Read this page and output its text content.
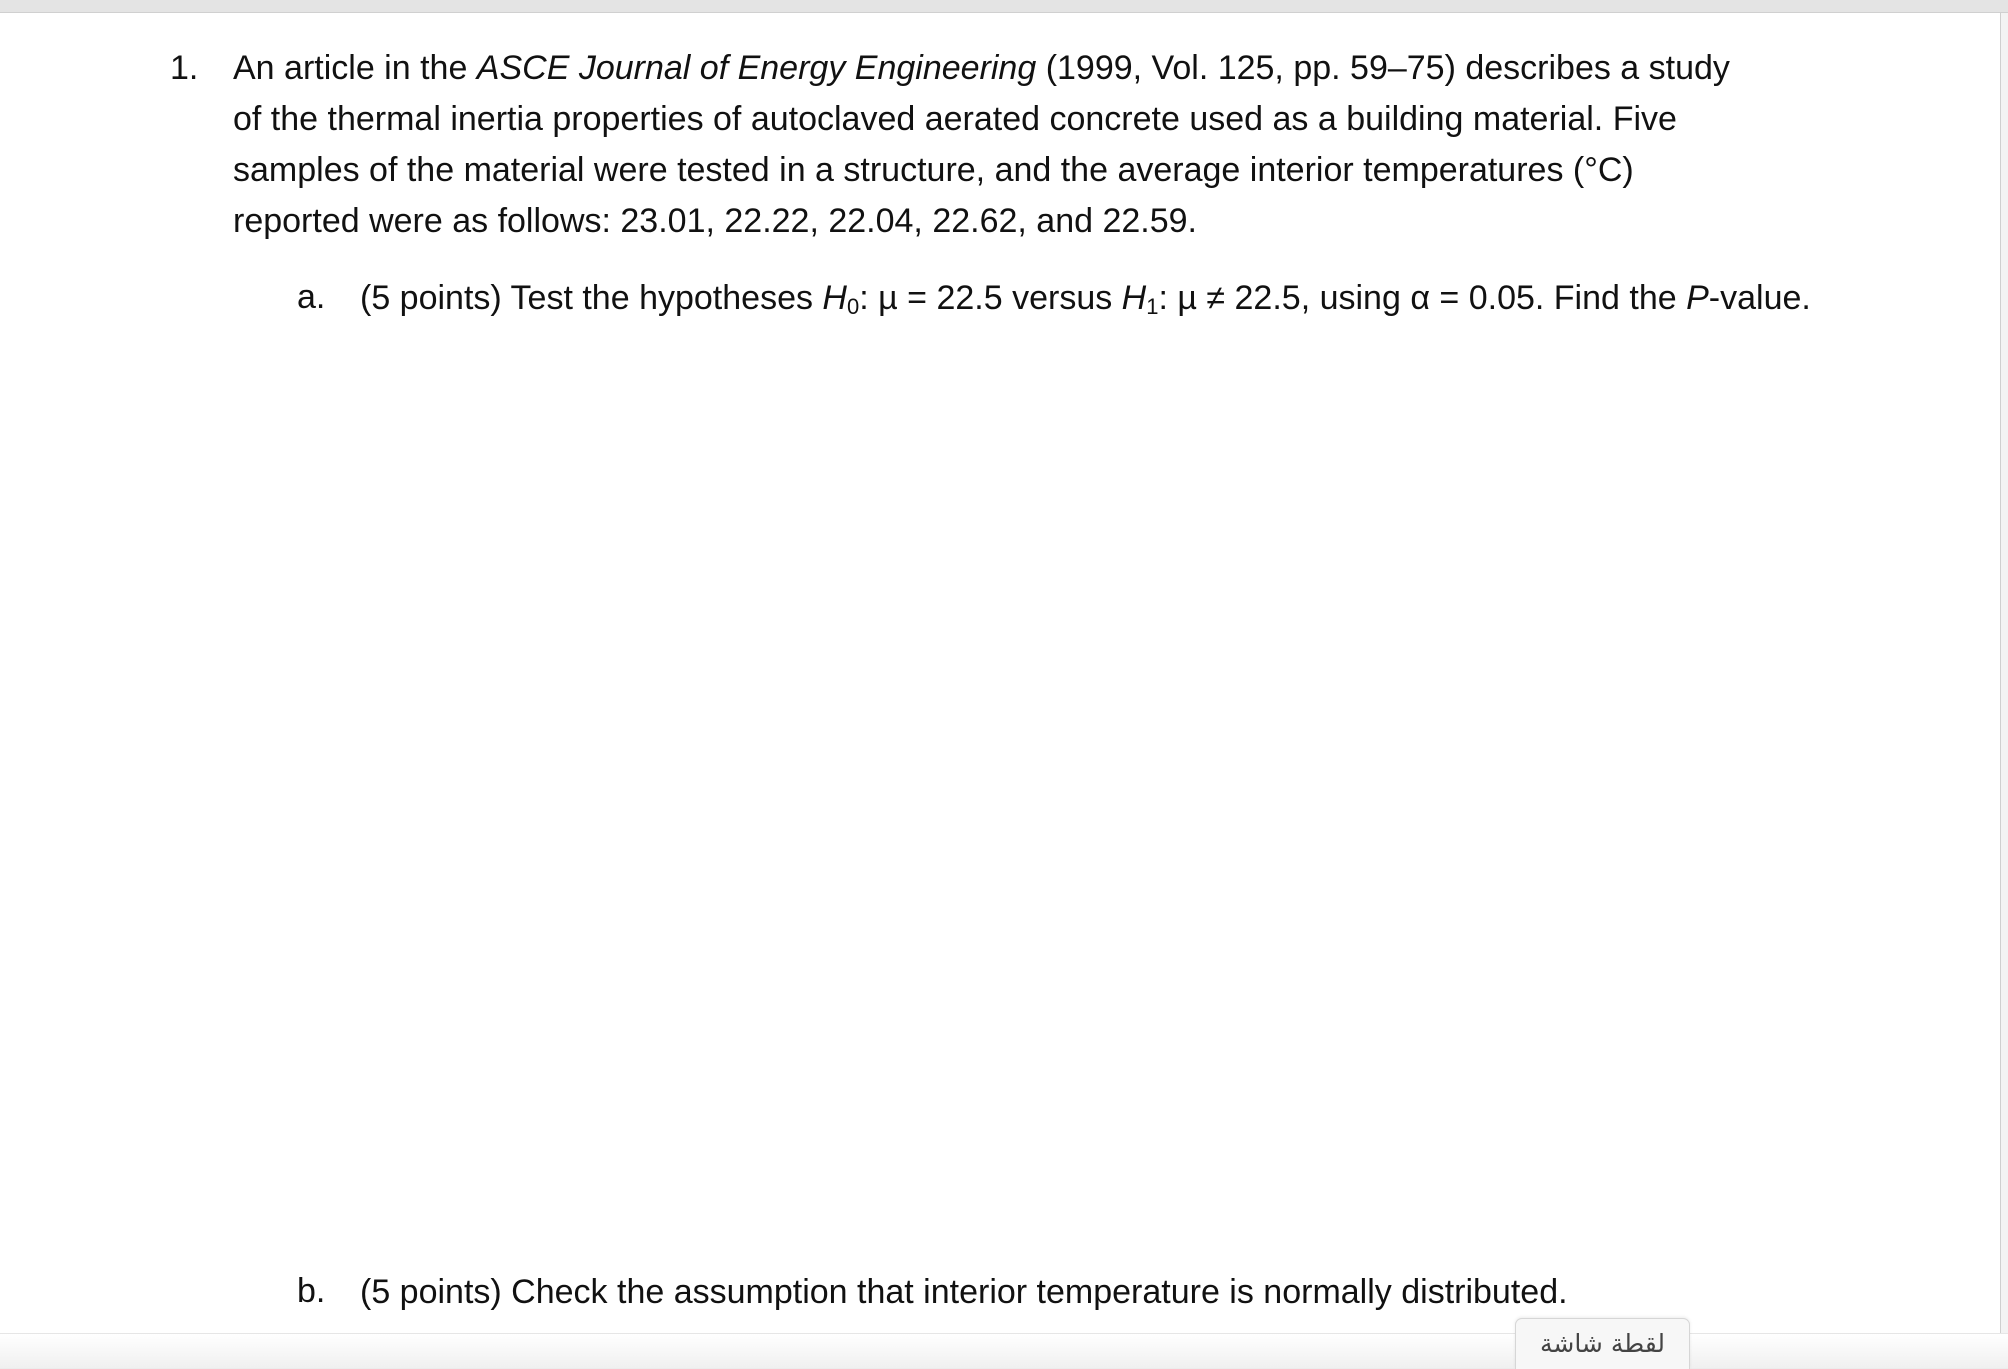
1. An article in the ASCE Journal of Energy Engineering (1999, Vol. 125, pp. 59–75) describes a study of the thermal inertia properties of autoclaved aerated concrete used as a building material. Five samples of the material were tested in a structure, and the average interior temperatures (°C) reported were as follows: 23.01, 22.22, 22.04, 22.62, and 22.59.
a. (5 points) Test the hypotheses $H_0$: µ = 22.5 versus $H_1$: µ ≠ 22.5, using α = 0.05. Find the P-value.
b. (5 points) Check the assumption that interior temperature is normally distributed.
لقطة شاشة
